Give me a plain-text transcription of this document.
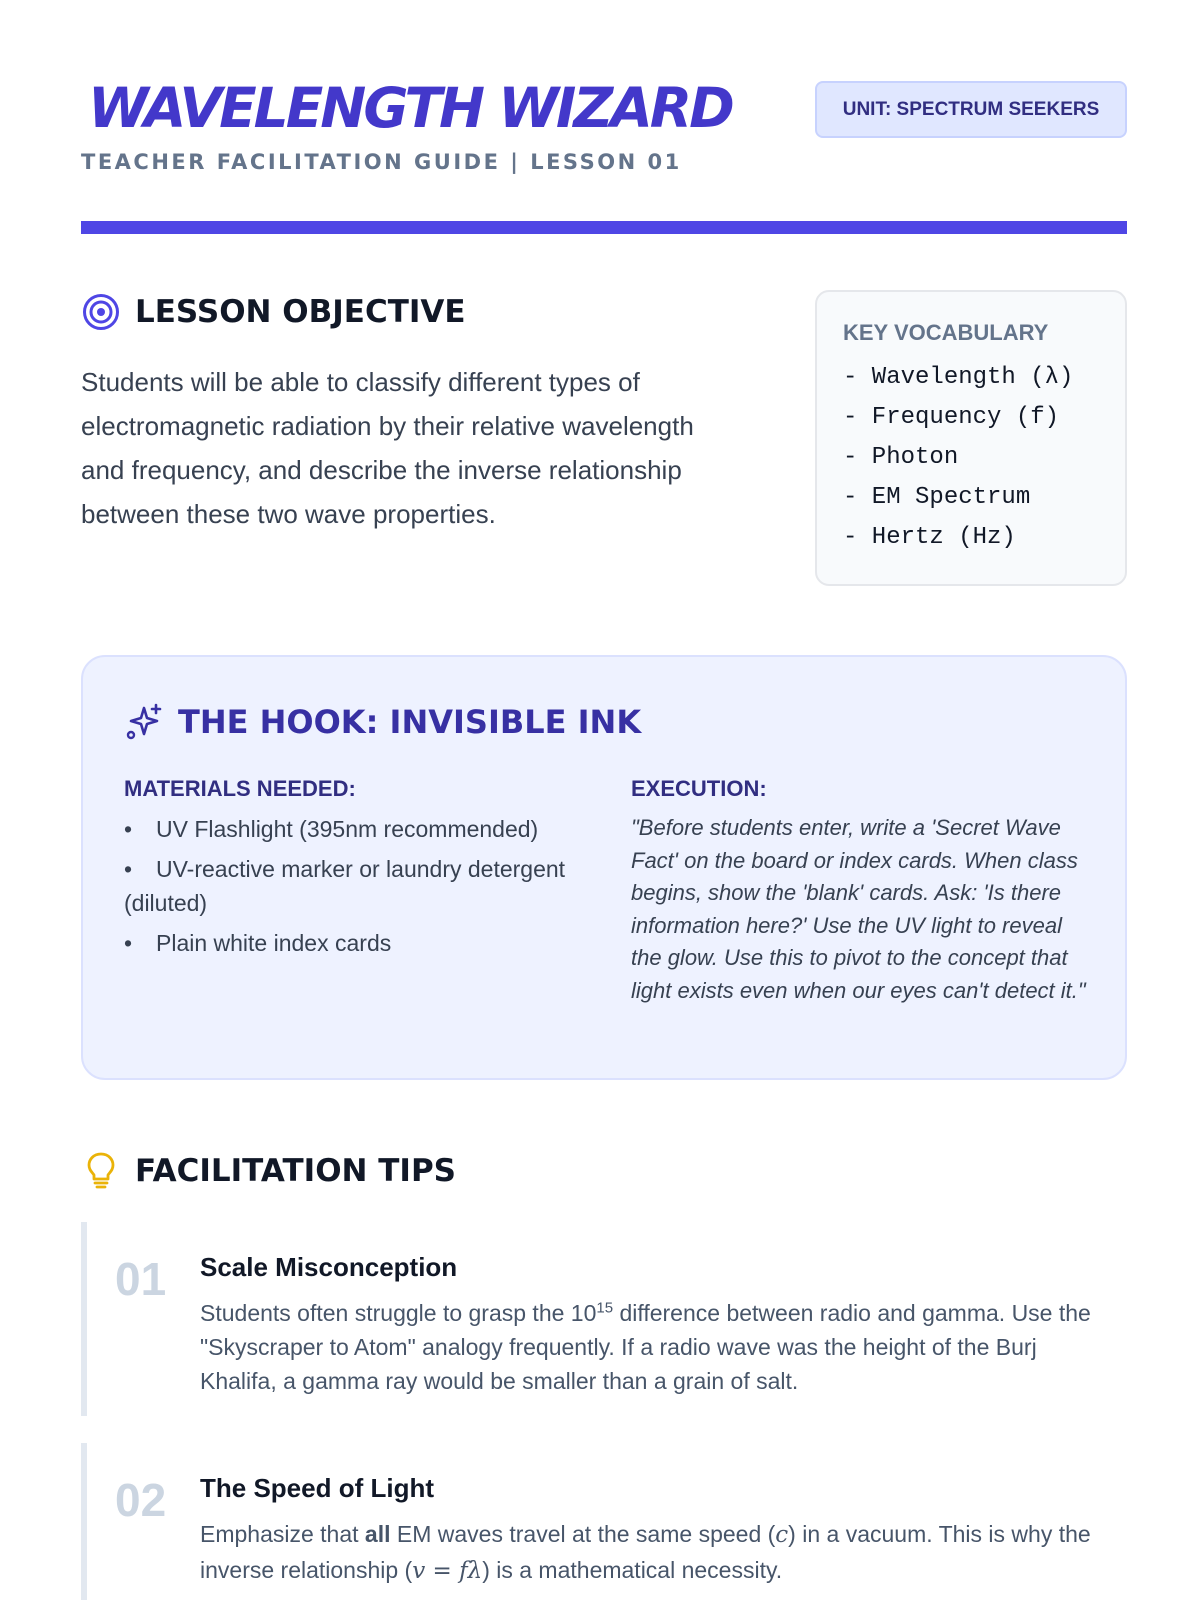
WAVELENGTH WIZARD	UNIT: SPECTRUM SEEKERS
TEACHER FACILITATION GUIDE | LESSON 01
LESSON OBJECTIVE

Students will be able to classify different types of electromagnetic radiation by their relative wavelength and frequency, and describe the inverse relationship between these two wave properties.

KEY VOCABULARY
- Wavelength (λ)
- Frequency (f)
- Photon
- EM Spectrum
- Hertz (Hz)
THE HOOK: INVISIBLE INK
MATERIALS NEEDED:
• UV Flashlight (395nm recommended)
• UV-reactive marker or laundry detergent (diluted)
• Plain white index cards
EXECUTION:

"Before students enter, write a 'Secret Wave Fact' on the board or index cards. When class begins, show the 'blank' cards. Ask: 'Is there information here?' Use the UV light to reveal the glow. Use this to pivot to the concept that light exists even when our eyes can't detect it."

FACILITATION TIPS
01 Scale Misconception

Students often struggle to grasp the $10^{15}$ difference between radio and gamma. Use the "Skyscraper to Atom" analogy frequently. If a radio wave was the height of the Burj Khalifa, a gamma ray would be smaller than a grain of salt.

02 The Speed of Light

Emphasize that all EM waves travel at the same speed (c) in a vacuum. This is why the inverse relationship (v = fλ) is a mathematical necessity.
